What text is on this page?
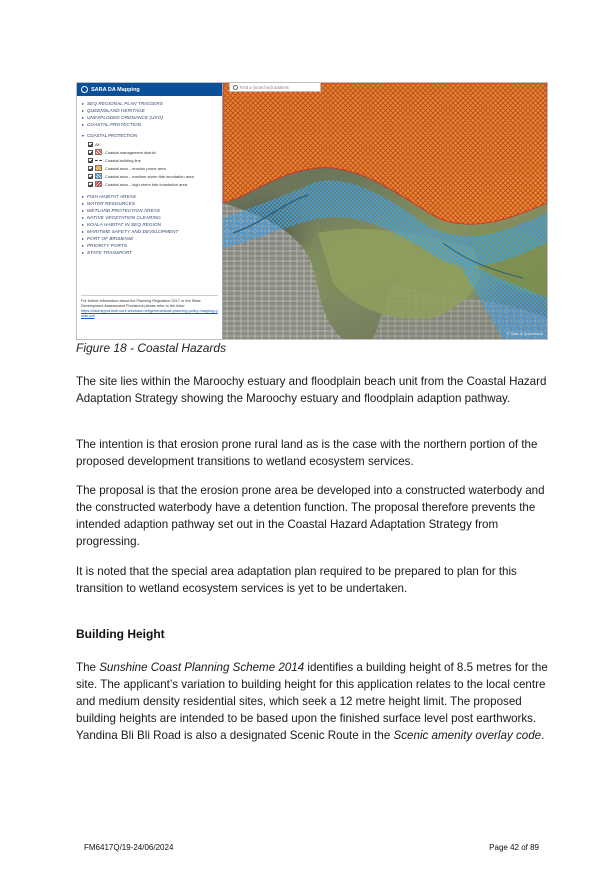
SARA DA Mapping
SEQ REGIONAL PLAN TRIGGERS
QUEENSLAND HERITAGE
UNEXPLODED ORDNANCE (UXO)
COASTAL PROTECTION
COASTAL PROTECTION
All
Coastal management district
Coastal building line
Coastal area – erosion prone area
Coastal area – medium storm tide inundation area
Coastal area – high storm tide inundation area
FISH HABITAT AREAS
WATER RESOURCES
WETLAND PROTECTION AREAS
NATIVE VEGETATION CLEARING
KOALA HABITAT IN SEQ REGION
MARITIME SAFETY AND DEVELOPMENT
PORT OF BRISBANE
PRIORITY PORTS
STATE TRANSPORT
For further information about the Planning Regulation 2017 or the State Development Assessment Provisions please refer to the links:
https://dsdmipprd.blob.core.windows.net/general/state-planning-policy-mapping-guide.pdf
Find a (searched) address
© State of Queensland
Figure 18 - Coastal Hazards

The site lies within the Maroochy estuary and floodplain beach unit from the Coastal Hazard Adaptation Strategy showing the Maroochy estuary and floodplain adaption pathway.

The intention is that erosion prone rural land as is the case with the northern portion of the proposed development transitions to wetland ecosystem services.

The proposal is that the erosion prone area be developed into a constructed waterbody and the constructed waterbody have a detention function. The proposal therefore prevents the intended adaption pathway set out in the Coastal Hazard Adaptation Strategy from progressing.

It is noted that the special area adaptation plan required to be prepared to plan for this transition to wetland ecosystem services is yet to be undertaken.

Building Height

The Sunshine Coast Planning Scheme 2014 identifies a building height of 8.5 metres for the site. The applicant’s variation to building height for this application relates to the local centre and medium density residential sites, which seek a 12 metre height limit. The proposed building heights are intended to be based upon the finished surface level post earthworks. Yandina Bli Bli Road is also a designated Scenic Route in the Scenic amenity overlay code.

FM6417Q/19-24/06/2024	Page 42 of 89
